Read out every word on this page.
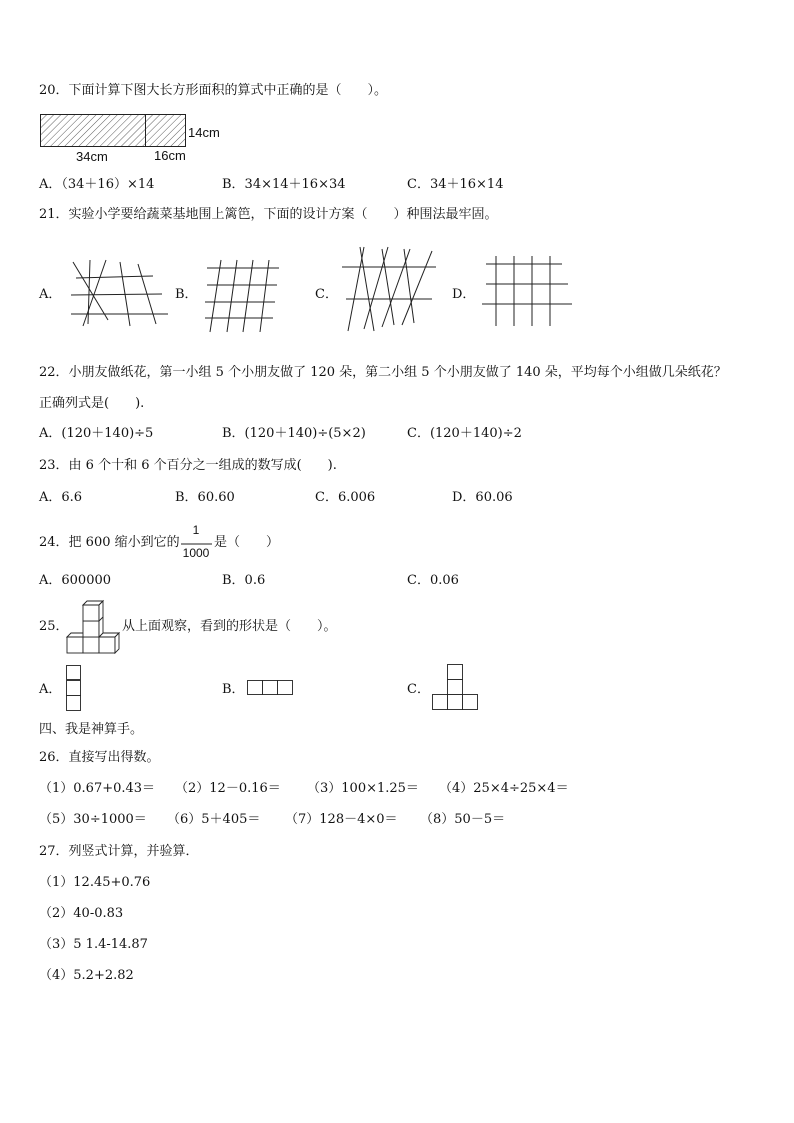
20．下面计算下图大长方形面积的算式中正确的是（　　）。
14cm
34cm	16cm
A．（34＋16）×14	B．34×14＋16×34	C．34＋16×14
21．实验小学要给蔬菜基地围上篱笆，下面的设计方案（　　）种围法最牢固。
A．	B．	C．	D．
22．小朋友做纸花，第一小组 5 个小朋友做了 120 朵，第二小组 5 个小朋友做了 140 朵，平均每个小组做几朵纸花？
正确列式是(　　).
A．(120＋140)÷5	B．(120＋140)÷(5×2)	C．(120＋140)÷2
23．由 6 个十和 6 个百分之一组成的数写成(　　).
A．6.6	B．60.60	C．6.006	D．60.06
24．把 600 缩小到它的
1
1000
是（　　）
A．600000	B．0.6	C．0.06
25．	从上面观察，看到的形状是（　　）。
A．	B．	C．
四、我是神算手。
26．直接写出得数。
（1）0.67+0.43＝ （2）12－0.16＝ （3）100×1.25＝ （4）25×4÷25×4＝
（5）30÷1000＝ （6）5＋405＝ （7）128－4×0＝ （8）50－5＝
27．列竖式计算，并验算．
（1）12.45+0.76
（2）40-0.83
（3）5 1.4-14.87
（4）5.2+2.82
